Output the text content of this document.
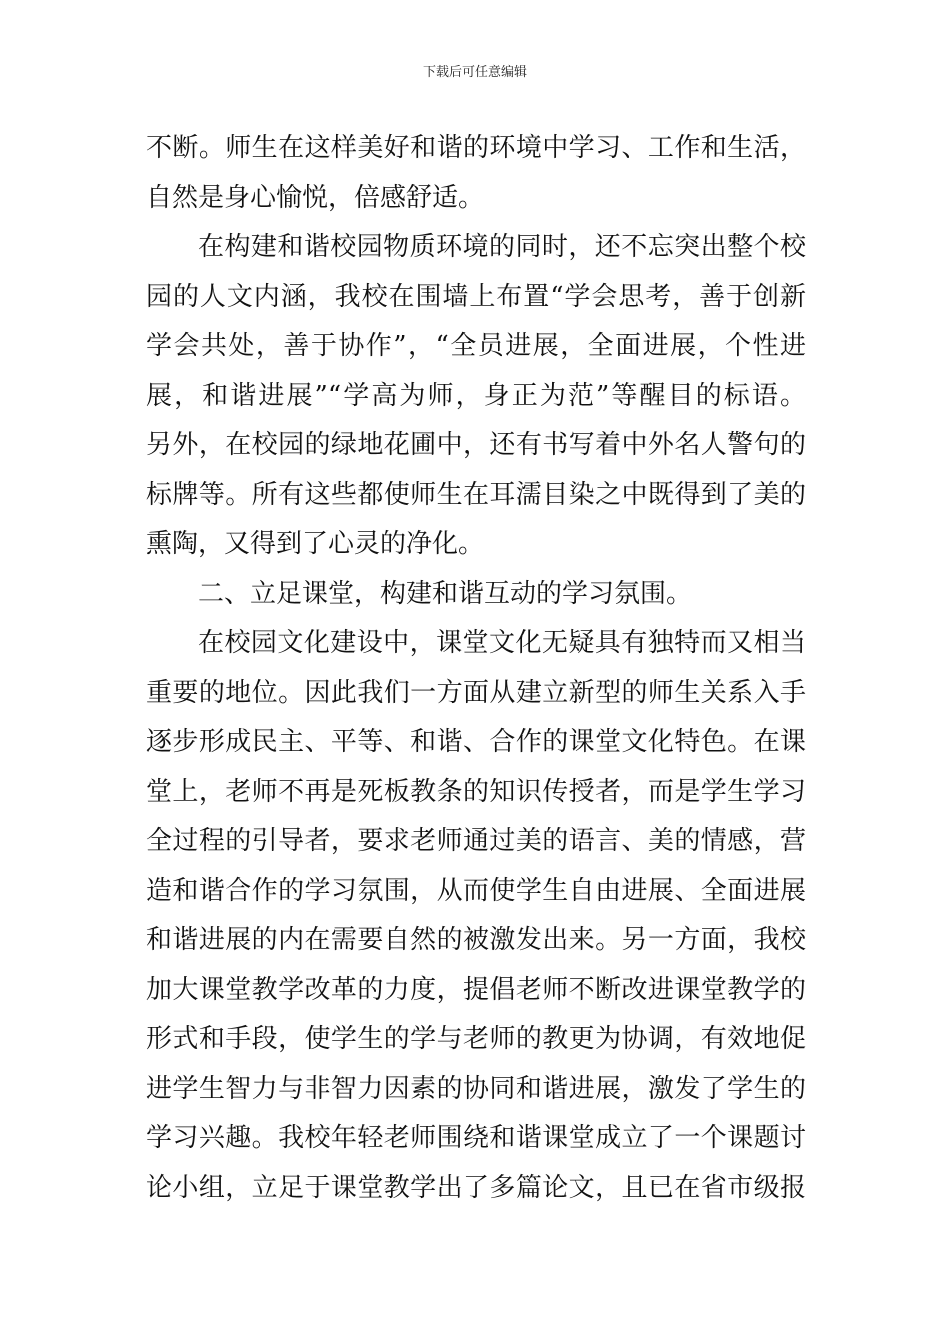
下载后可任意编辑
不断。师生在这样美好和谐的环境中学习、工作和生活，
自然是身心愉悦，倍感舒适。
在构建和谐校园物质环境的同时，还不忘突出整个校
园的人文内涵，我校在围墙上布置“学会思考，善于创新
学会共处，善于协作”，“全员进展，全面进展，个性进
展，和谐进展”“学高为师，身正为范”等醒目的标语。
另外，在校园的绿地花圃中，还有书写着中外名人警句的
标牌等。所有这些都使师生在耳濡目染之中既得到了美的
熏陶，又得到了心灵的净化。
二、立足课堂，构建和谐互动的学习氛围。
在校园文化建设中，课堂文化无疑具有独特而又相当
重要的地位。因此我们一方面从建立新型的师生关系入手
逐步形成民主、平等、和谐、合作的课堂文化特色。在课
堂上，老师不再是死板教条的知识传授者，而是学生学习
全过程的引导者，要求老师通过美的语言、美的情感，营
造和谐合作的学习氛围，从而使学生自由进展、全面进展
和谐进展的内在需要自然的被激发出来。另一方面，我校
加大课堂教学改革的力度，提倡老师不断改进课堂教学的
形式和手段，使学生的学与老师的教更为协调，有效地促
进学生智力与非智力因素的协同和谐进展，激发了学生的
学习兴趣。我校年轻老师围绕和谐课堂成立了一个课题讨
论小组，立足于课堂教学出了多篇论文，且已在省市级报
